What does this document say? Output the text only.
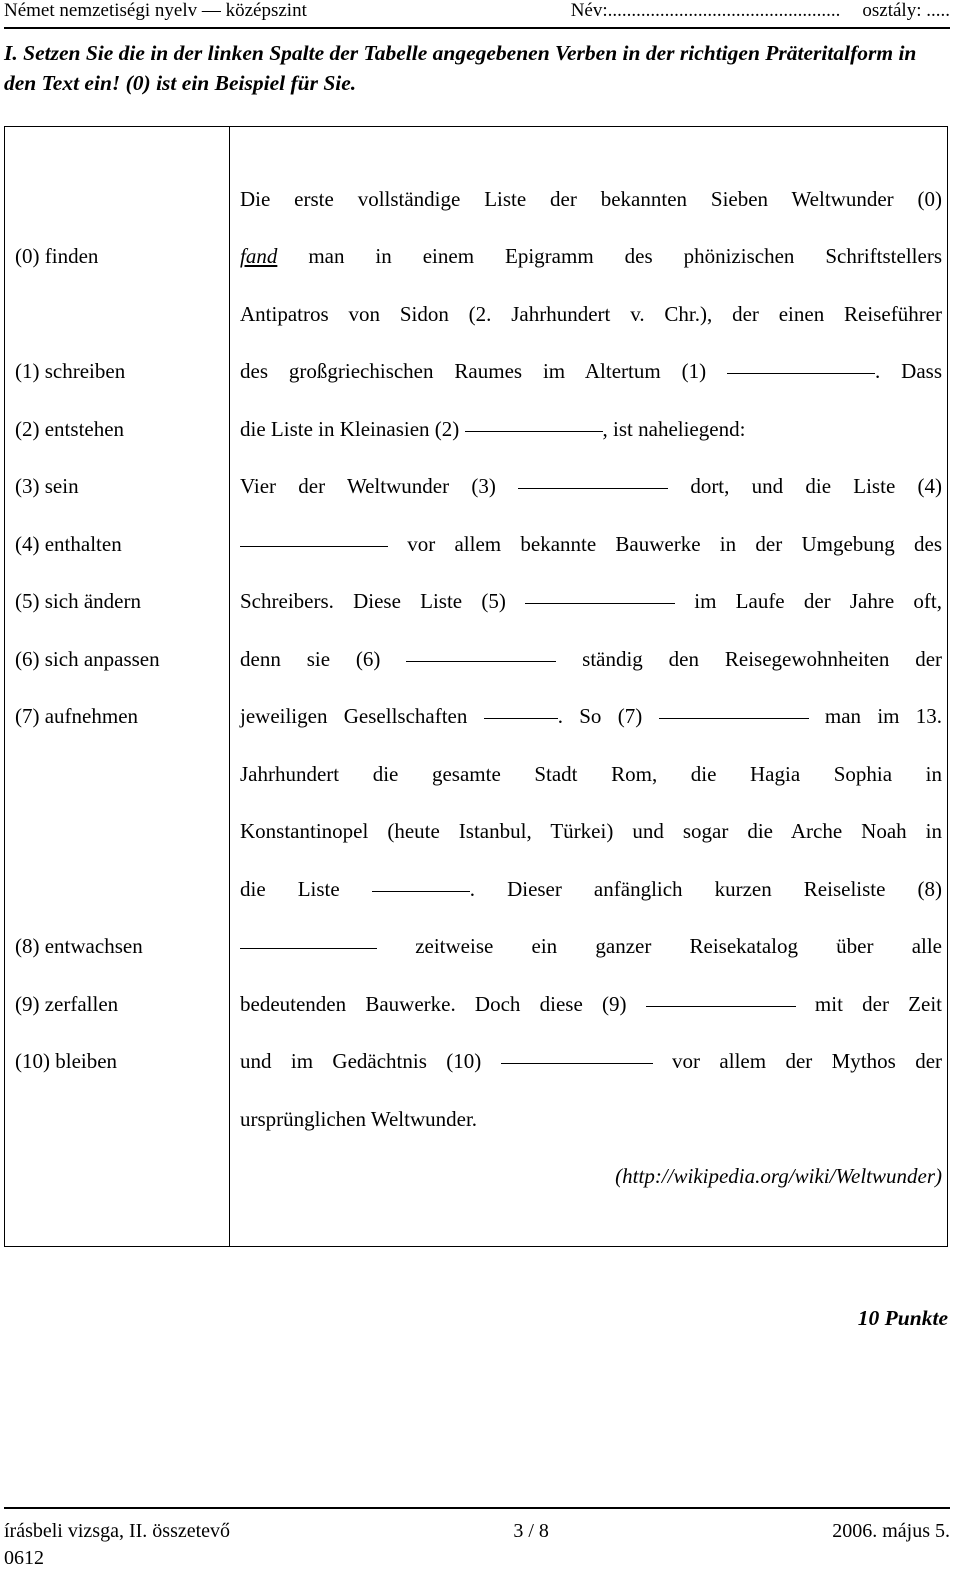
Német nemzetiségi nyelv — középszint	Név:................................................. osztály: .....
I. Setzen Sie die in der linken Spalte der Tabelle angegebenen Verben in der richtigen Präteritalform in den Text ein! (0) ist ein Beispiel für Sie.
(0) finden
(1) schreiben
(2) entstehen
(3) sein
(4) enthalten
(5) sich ändern
(6) sich anpassen
(7) aufnehmen
(8) entwachsen
(9) zerfallen
(10) bleiben
Die erste vollständige Liste der bekannten Sieben Weltwunder (0)
fand man in einem Epigramm des phönizischen Schriftstellers
Antipatros von Sidon (2. Jahrhundert v. Chr.), der einen Reiseführer
des großgriechischen Raumes im Altertum (1)	. Dass
die Liste in Kleinasien (2)	, ist naheliegend:
Vier der Weltwunder (3)	dort, und die Liste (4)
vor allem bekannte Bauwerke in der Umgebung des
Schreibers. Diese Liste (5)	im Laufe der Jahre oft,
denn sie (6)	ständig den Reisegewohnheiten der
jeweiligen Gesellschaften	. So (7)	man im 13.
Jahrhundert die gesamte Stadt Rom, die Hagia Sophia in
Konstantinopel (heute Istanbul, Türkei) und sogar die Arche Noah in
die Liste	. Dieser anfänglich kurzen Reiseliste (8)
zeitweise ein ganzer Reisekatalog über alle
bedeutenden Bauwerke. Doch diese (9)	mit der Zeit
und im Gedächtnis (10)	vor allem der Mythos der
ursprünglichen Weltwunder.
(http://wikipedia.org/wiki/Weltwunder)
10 Punkte
írásbeli vizsga, II. összetevő	3 / 8	2006. május 5.
0612
